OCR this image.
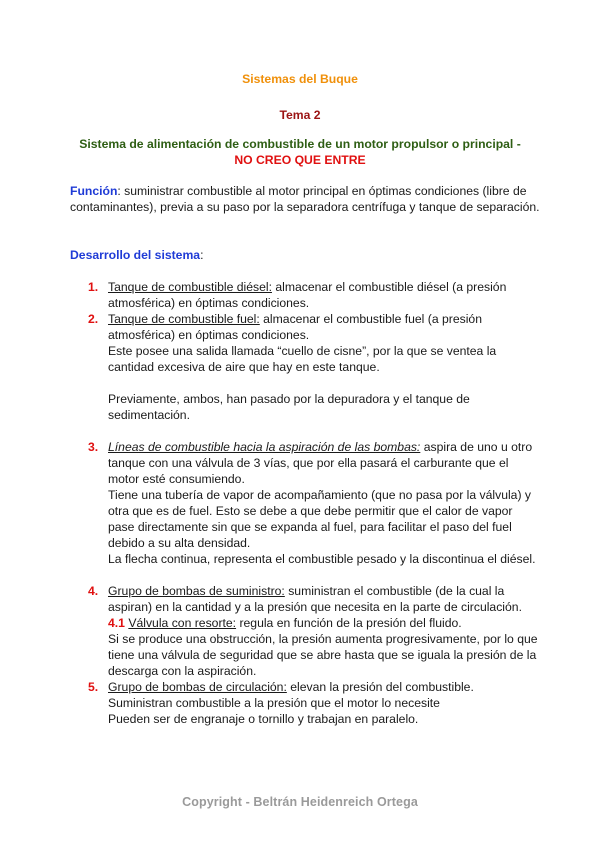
Sistemas del Buque
Tema 2
Sistema de alimentación de combustible de un motor propulsor o principal -
NO CREO QUE ENTRE
Función: suministrar combustible al motor principal en óptimas condiciones (libre de contaminantes), previa a su paso por la separadora centrífuga y tanque de separación.
Desarrollo del sistema:
1. Tanque de combustible diésel: almacenar el combustible diésel (a presión atmosférica) en óptimas condiciones.
2. Tanque de combustible fuel: almacenar el combustible fuel (a presión atmosférica) en óptimas condiciones.
Este posee una salida llamada “cuello de cisne”, por la que se ventea la cantidad excesiva de aire que hay en este tanque.
Previamente, ambos, han pasado por la depuradora y el tanque de sedimentación.
3. Líneas de combustible hacia la aspiración de las bombas: aspira de uno u otro tanque con una válvula de 3 vías, que por ella pasará el carburante que el motor esté consumiendo.
Tiene una tubería de vapor de acompañamiento (que no pasa por la válvula) y otra que es de fuel. Esto se debe a que debe permitir que el calor de vapor pase directamente sin que se expanda al fuel, para facilitar el paso del fuel debido a su alta densidad.
La flecha continua, representa el combustible pesado y la discontinua el diésel.
4. Grupo de bombas de suministro: suministran el combustible (de la cual la aspiran) en la cantidad y a la presión que necesita en la parte de circulación.
4.1 Válvula con resorte: regula en función de la presión del fluido.
Si se produce una obstrucción, la presión aumenta progresivamente, por lo que tiene una válvula de seguridad que se abre hasta que se iguala la presión de la descarga con la aspiración.
5. Grupo de bombas de circulación: elevan la presión del combustible.
Suministran combustible a la presión que el motor lo necesite
Pueden ser de engranaje o tornillo y trabajan en paralelo.
Copyright - Beltrán Heidenreich Ortega
